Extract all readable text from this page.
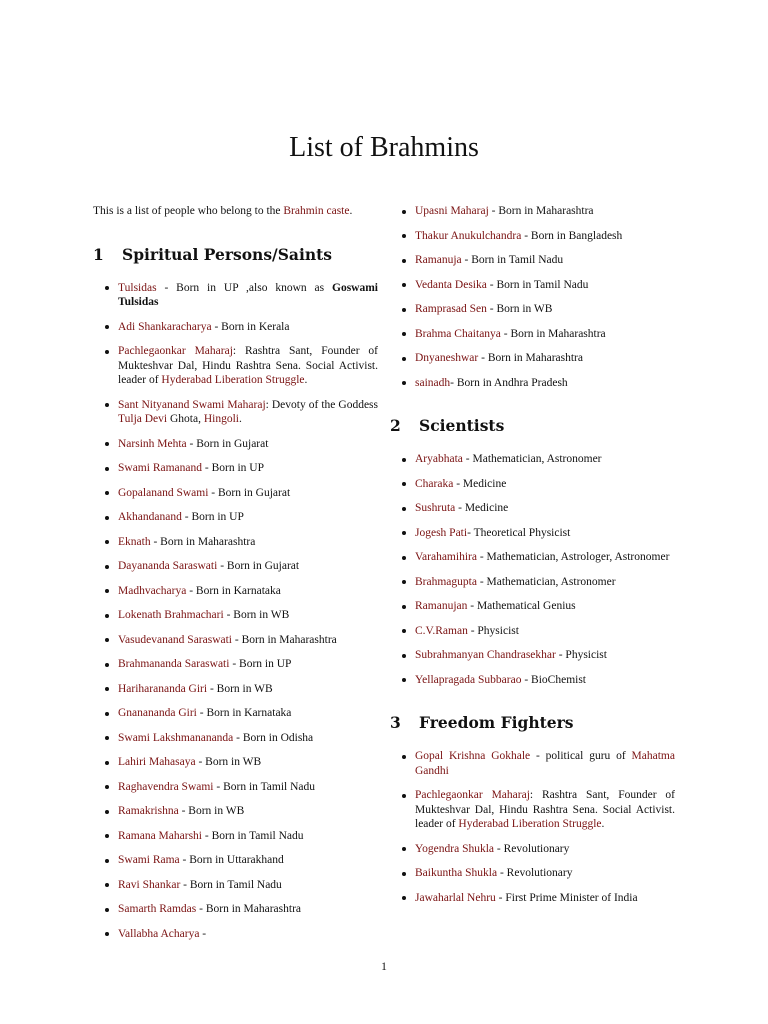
List of Brahmins

This is a list of people who belong to the Brahmin caste.

1	Spiritual Persons/Saints
Tulsidas - Born in UP ,also known as Goswami Tulsidas
Adi Shankaracharya - Born in Kerala
Pachlegaonkar Maharaj: Rashtra Sant, Founder of Mukteshvar Dal, Hindu Rashtra Sena. Social Activist. leader of Hyderabad Liberation Struggle.
Sant Nityanand Swami Maharaj: Devoty of the Goddess Tulja Devi Ghota, Hingoli.
Narsinh Mehta - Born in Gujarat
Swami Ramanand - Born in UP
Gopalanand Swami - Born in Gujarat
Akhandanand - Born in UP
Eknath - Born in Maharashtra
Dayananda Saraswati - Born in Gujarat
Madhvacharya - Born in Karnataka
Lokenath Brahmachari - Born in WB
Vasudevanand Saraswati - Born in Maharashtra
Brahmananda Saraswati - Born in UP
Hariharananda Giri - Born in WB
Gnanananda Giri - Born in Karnataka
Swami Lakshmanananda - Born in Odisha
Lahiri Mahasaya - Born in WB
Raghavendra Swami - Born in Tamil Nadu
Ramakrishna - Born in WB
Ramana Maharshi - Born in Tamil Nadu
Swami Rama - Born in Uttarakhand
Ravi Shankar - Born in Tamil Nadu
Samarth Ramdas - Born in Maharashtra
Vallabha Acharya -
Upasni Maharaj - Born in Maharashtra
Thakur Anukulchandra - Born in Bangladesh
Ramanuja - Born in Tamil Nadu
Vedanta Desika - Born in Tamil Nadu
Ramprasad Sen - Born in WB
Brahma Chaitanya - Born in Maharashtra
Dnyaneshwar - Born in Maharashtra
sainadh- Born in Andhra Pradesh
2	Scientists
Aryabhata - Mathematician, Astronomer
Charaka - Medicine
Sushruta - Medicine
Jogesh Pati- Theoretical Physicist
Varahamihira - Mathematician, Astrologer, Astronomer
Brahmagupta - Mathematician, Astronomer
Ramanujan - Mathematical Genius
C.V.Raman - Physicist
Subrahmanyan Chandrasekhar - Physicist
Yellapragada Subbarao - BioChemist
3	Freedom Fighters
Gopal Krishna Gokhale - political guru of Mahatma Gandhi
Pachlegaonkar Maharaj: Rashtra Sant, Founder of Mukteshvar Dal, Hindu Rashtra Sena. Social Activist. leader of Hyderabad Liberation Struggle.
Yogendra Shukla - Revolutionary
Baikuntha Shukla - Revolutionary
Jawaharlal Nehru - First Prime Minister of India
1
